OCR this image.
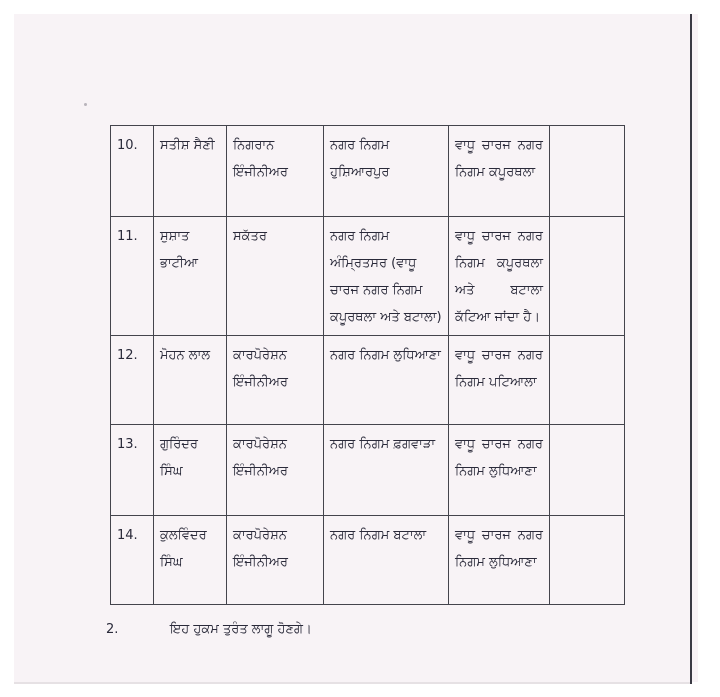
10.	ਸਤੀਸ਼ ਸੈਣੀ	ਨਿਗਰਾਨ ਇੰਜੀਨੀਅਰ	ਨਗਰ ਨਿਗਮ ਹੁਸ਼ਿਆਰਪੁਰ	ਵਾਧੂ ਚਾਰਜ ਨਗਰ ਨਿਗਮ ਕਪੂਰਥਲਾ	
11.	ਸੁਸ਼ਾਤ ਭਾਟੀਆ	ਸਕੱਤਰ	ਨਗਰ ਨਿਗਮ ਅੰਮ੍ਰਿਤਸਰ (ਵਾਧੂ ਚਾਰਜ ਨਗਰ ਨਿਗਮ ਕਪੂਰਥਲਾ ਅਤੇ ਬਟਾਲਾ)	ਵਾਧੂ ਚਾਰਜ ਨਗਰ ਨਿਗਮ ਕਪੂਰਥਲਾ ਅਤੇ ਬਟਾਲਾ ਕੱਟਿਆ ਜਾਂਦਾ ਹੈ।	
12.	ਮੋਹਨ ਲਾਲ	ਕਾਰਪੋਰੇਸ਼ਨ ਇੰਜੀਨੀਅਰ	ਨਗਰ ਨਿਗਮ ਲੁਧਿਆਣਾ	ਵਾਧੂ ਚਾਰਜ ਨਗਰ ਨਿਗਮ ਪਟਿਆਲਾ	
13.	ਗੁਰਿੰਦਰ ਸਿੰਘ	ਕਾਰਪੋਰੇਸ਼ਨ ਇੰਜੀਨੀਅਰ	ਨਗਰ ਨਿਗਮ ਫ਼ਗਵਾੜਾ	ਵਾਧੂ ਚਾਰਜ ਨਗਰ ਨਿਗਮ ਲੁਧਿਆਣਾ	
14.	ਕੁਲਵਿੰਦਰ ਸਿੰਘ	ਕਾਰਪੋਰੇਸ਼ਨ ਇੰਜੀਨੀਅਰ	ਨਗਰ ਨਿਗਮ ਬਟਾਲਾ	ਵਾਧੂ ਚਾਰਜ ਨਗਰ ਨਿਗਮ ਲੁਧਿਆਣਾ	
2.	ਇਹ ਹੁਕਮ ਤੁਰੰਤ ਲਾਗੂ ਹੋਣਗੇ।
